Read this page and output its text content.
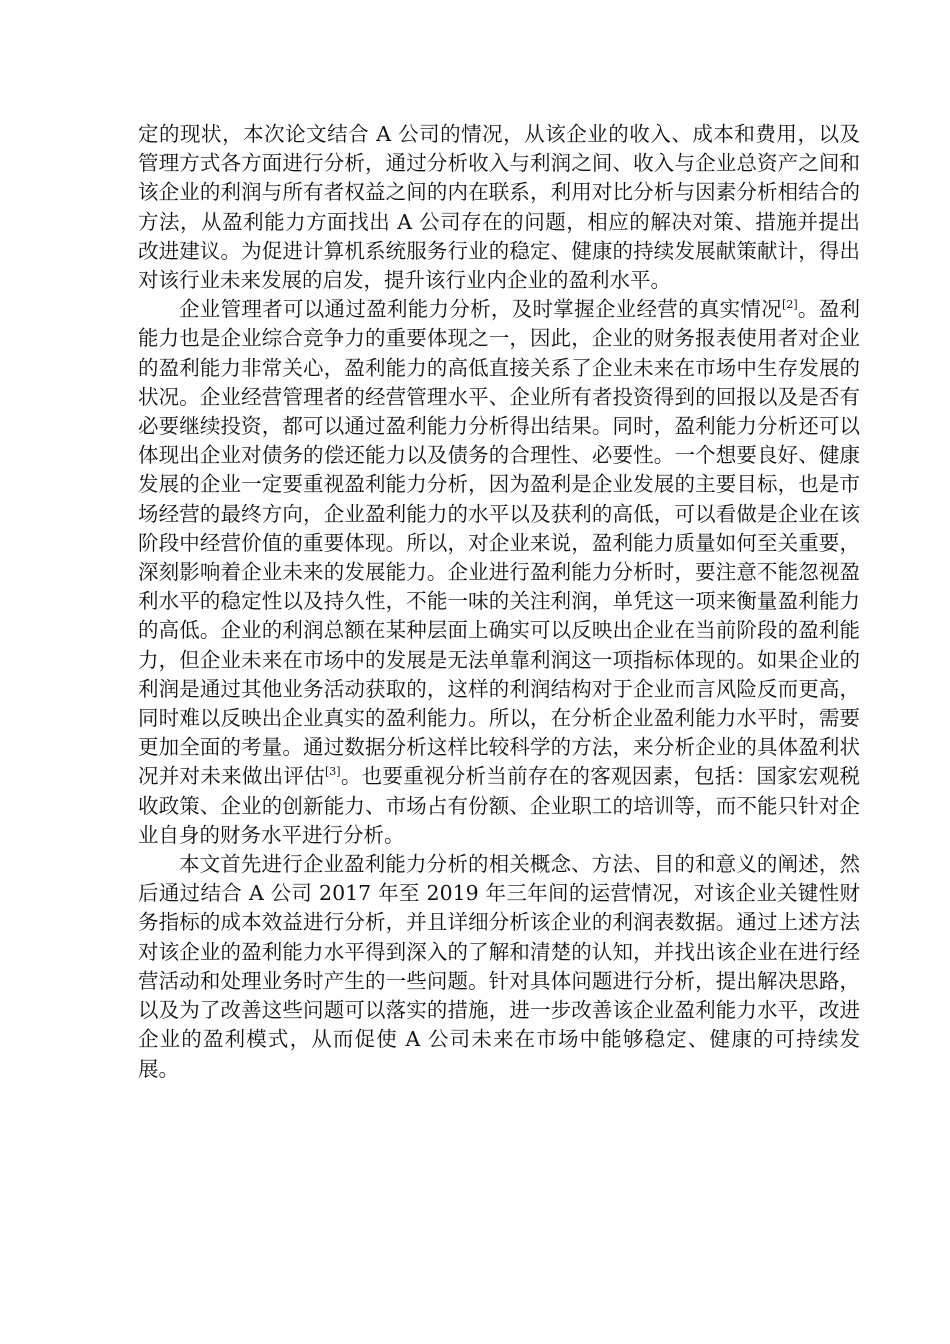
定的现状，本次论文结合 A 公司的情况，从该企业的收入、成本和费用，以及管理方式各方面进行分析，通过分析收入与利润之间、收入与企业总资产之间和该企业的利润与所有者权益之间的内在联系，利用对比分析与因素分析相结合的方法，从盈利能力方面找出 A 公司存在的问题，相应的解决对策、措施并提出改进建议。为促进计算机系统服务行业的稳定、健康的持续发展献策献计，得出对该行业未来发展的启发，提升该行业内企业的盈利水平。

企业管理者可以通过盈利能力分析，及时掌握企业经营的真实情况[2]。盈利能力也是企业综合竞争力的重要体现之一，因此，企业的财务报表使用者对企业的盈利能力非常关心，盈利能力的高低直接关系了企业未来在市场中生存发展的状况。企业经营管理者的经营管理水平、企业所有者投资得到的回报以及是否有必要继续投资，都可以通过盈利能力分析得出结果。同时，盈利能力分析还可以体现出企业对债务的偿还能力以及债务的合理性、必要性。一个想要良好、健康发展的企业一定要重视盈利能力分析，因为盈利是企业发展的主要目标，也是市场经营的最终方向，企业盈利能力的水平以及获利的高低，可以看做是企业在该阶段中经营价值的重要体现。所以，对企业来说，盈利能力质量如何至关重要，深刻影响着企业未来的发展能力。企业进行盈利能力分析时，要注意不能忽视盈利水平的稳定性以及持久性，不能一味的关注利润，单凭这一项来衡量盈利能力的高低。企业的利润总额在某种层面上确实可以反映出企业在当前阶段的盈利能力，但企业未来在市场中的发展是无法单靠利润这一项指标体现的。如果企业的利润是通过其他业务活动获取的，这样的利润结构对于企业而言风险反而更高，同时难以反映出企业真实的盈利能力。所以，在分析企业盈利能力水平时，需要更加全面的考量。通过数据分析这样比较科学的方法，来分析企业的具体盈利状况并对未来做出评估[3]。也要重视分析当前存在的客观因素，包括：国家宏观税收政策、企业的创新能力、市场占有份额、企业职工的培训等，而不能只针对企业自身的财务水平进行分析。

本文首先进行企业盈利能力分析的相关概念、方法、目的和意义的阐述，然后通过结合 A 公司 2017 年至 2019 年三年间的运营情况，对该企业关键性财务指标的成本效益进行分析，并且详细分析该企业的利润表数据。通过上述方法对该企业的盈利能力水平得到深入的了解和清楚的认知，并找出该企业在进行经营活动和处理业务时产生的一些问题。针对具体问题进行分析，提出解决思路，以及为了改善这些问题可以落实的措施，进一步改善该企业盈利能力水平，改进企业的盈利模式，从而促使 A 公司未来在市场中能够稳定、健康的可持续发展。
